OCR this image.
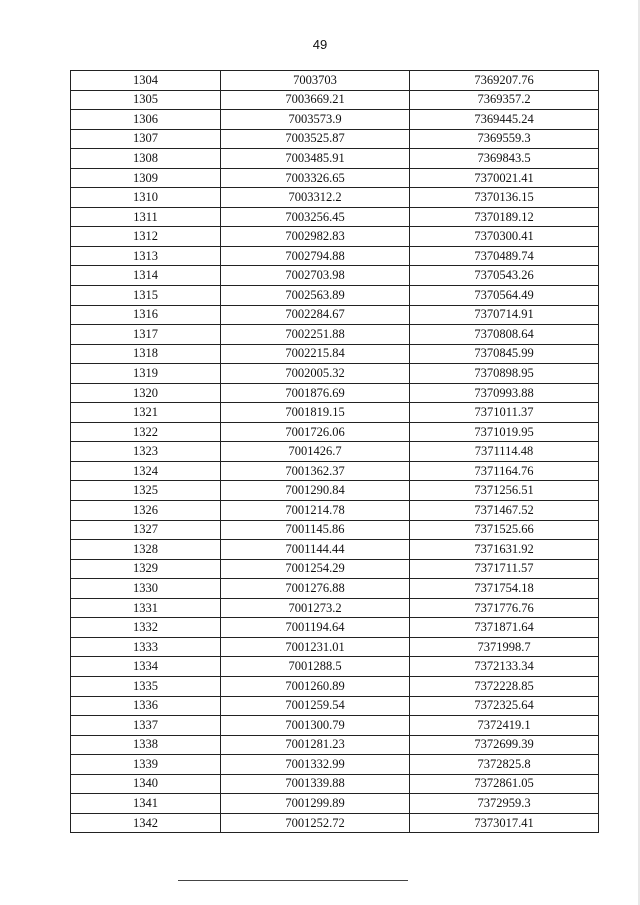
49
1304	7003703	7369207.76
1305	7003669.21	7369357.2
1306	7003573.9	7369445.24
1307	7003525.87	7369559.3
1308	7003485.91	7369843.5
1309	7003326.65	7370021.41
1310	7003312.2	7370136.15
1311	7003256.45	7370189.12
1312	7002982.83	7370300.41
1313	7002794.88	7370489.74
1314	7002703.98	7370543.26
1315	7002563.89	7370564.49
1316	7002284.67	7370714.91
1317	7002251.88	7370808.64
1318	7002215.84	7370845.99
1319	7002005.32	7370898.95
1320	7001876.69	7370993.88
1321	7001819.15	7371011.37
1322	7001726.06	7371019.95
1323	7001426.7	7371114.48
1324	7001362.37	7371164.76
1325	7001290.84	7371256.51
1326	7001214.78	7371467.52
1327	7001145.86	7371525.66
1328	7001144.44	7371631.92
1329	7001254.29	7371711.57
1330	7001276.88	7371754.18
1331	7001273.2	7371776.76
1332	7001194.64	7371871.64
1333	7001231.01	7371998.7
1334	7001288.5	7372133.34
1335	7001260.89	7372228.85
1336	7001259.54	7372325.64
1337	7001300.79	7372419.1
1338	7001281.23	7372699.39
1339	7001332.99	7372825.8
1340	7001339.88	7372861.05
1341	7001299.89	7372959.3
1342	7001252.72	7373017.41
